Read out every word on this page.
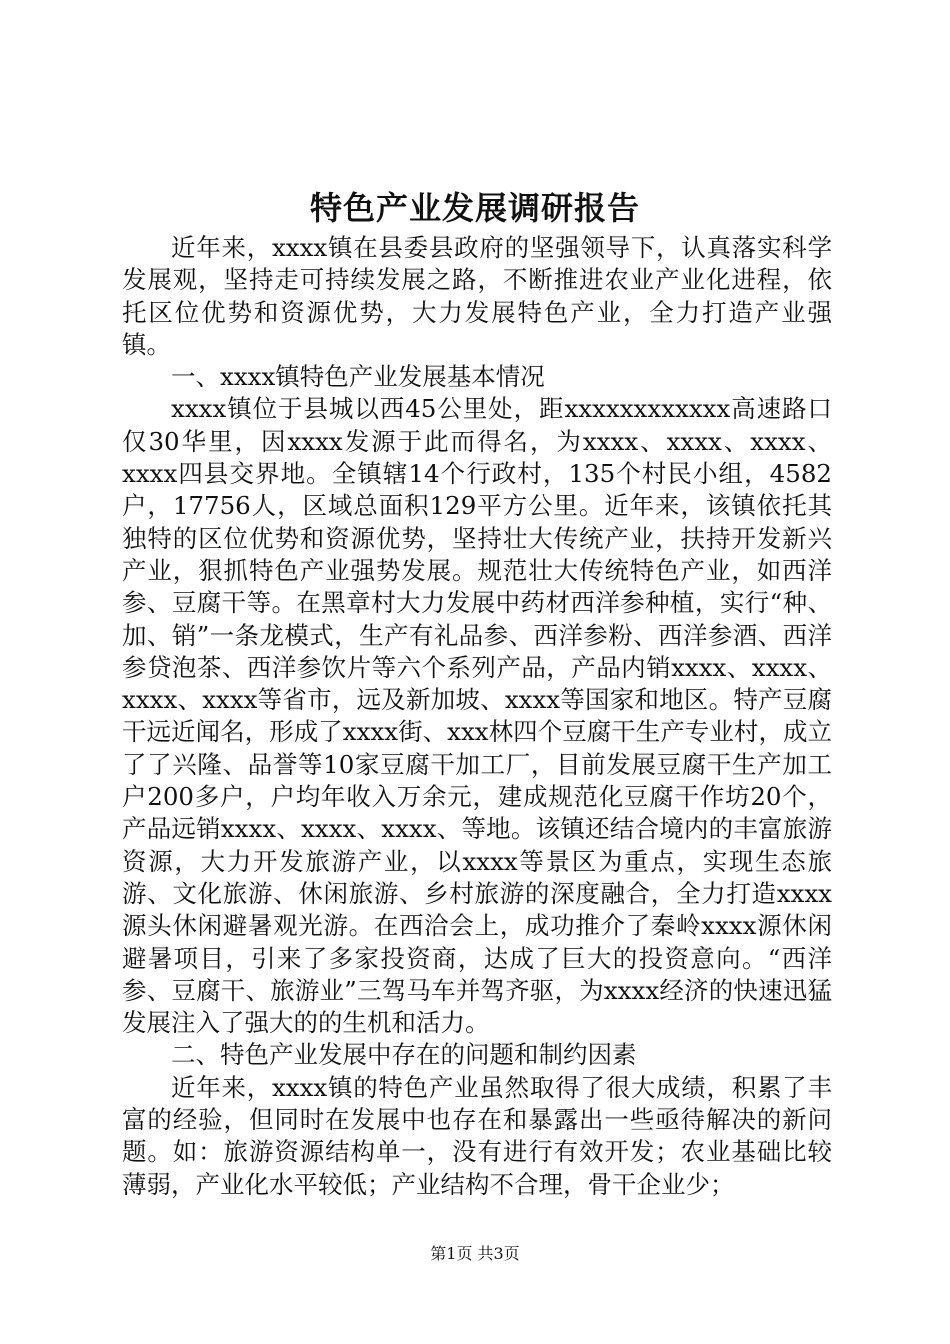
特色产业发展调研报告

近年来，xxxx镇在县委县政府的坚强领导下，认真落实科学发展观，坚持走可持续发展之路，不断推进农业产业化进程，依托区位优势和资源优势，大力发展特色产业，全力打造产业强镇。

一、xxxx镇特色产业发展基本情况

xxxx镇位于县城以西45公里处，距xxxxxxxxxxxx高速路口仅30华里，因xxxx发源于此而得名，为xxxx、xxxx、xxxx、xxxx四县交界地。全镇辖14个行政村，135个村民小组，4582户，17756人，区域总面积129平方公里。近年来，该镇依托其独特的区位优势和资源优势，坚持壮大传统产业，扶持开发新兴产业，狠抓特色产业强势发展。规范壮大传统特色产业，如西洋参、豆腐干等。在黑章村大力发展中药材西洋参种植，实行“种、加、销”一条龙模式，生产有礼品参、西洋参粉、西洋参酒、西洋参贷泡茶、西洋参饮片等六个系列产品，产品内销xxxx、xxxx、xxxx、xxxx等省市，远及新加坡、xxxx等国家和地区。特产豆腐干远近闻名，形成了xxxx街、xxx林四个豆腐干生产专业村，成立了了兴隆、品誉等10家豆腐干加工厂，目前发展豆腐干生产加工户200多户，户均年收入万余元，建成规范化豆腐干作坊20个，产品远销xxxx、xxxx、xxxx、等地。该镇还结合境内的丰富旅游资源，大力开发旅游产业，以xxxx等景区为重点，实现生态旅游、文化旅游、休闲旅游、乡村旅游的深度融合，全力打造xxxx源头休闲避暑观光游。在西洽会上，成功推介了秦岭xxxx源休闲避暑项目，引来了多家投资商，达成了巨大的投资意向。“西洋参、豆腐干、旅游业”三驾马车并驾齐驱，为xxxx经济的快速迅猛发展注入了强大的的生机和活力。

二、特色产业发展中存在的问题和制约因素

近年来，xxxx镇的特色产业虽然取得了很大成绩，积累了丰富的经验，但同时在发展中也存在和暴露出一些亟待解决的新问题。如：旅游资源结构单一，没有进行有效开发；农业基础比较薄弱，产业化水平较低；产业结构不合理，骨干企业少；

第1页 共3页
